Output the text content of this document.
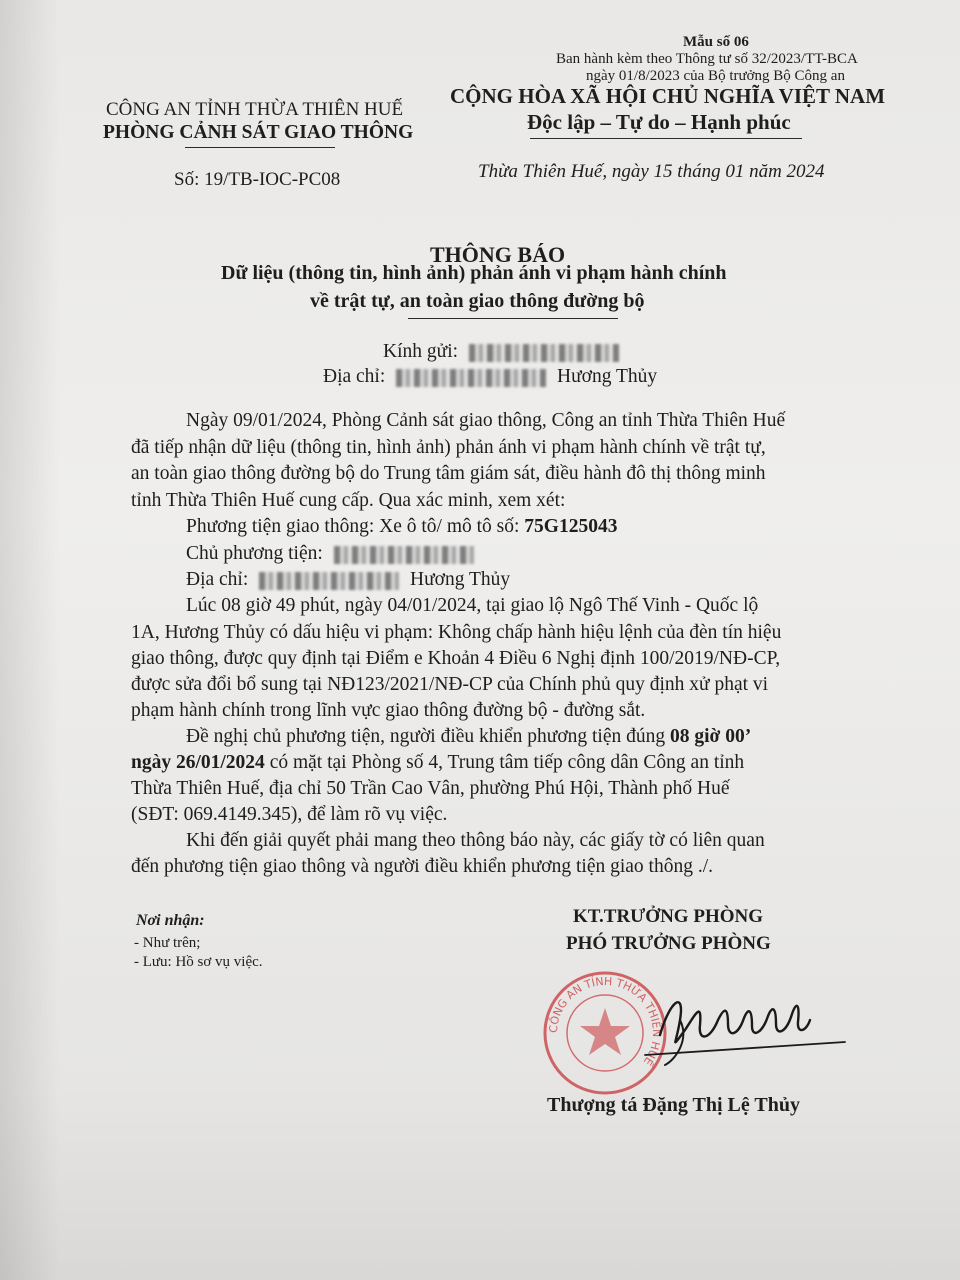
Mẫu số 06
Ban hành kèm theo Thông tư số 32/2023/TT-BCA
ngày 01/8/2023 của Bộ trưởng Bộ Công an
CÔNG AN TỈNH THỪA THIÊN HUẾ
PHÒNG CẢNH SÁT GIAO THÔNG
Số: 19/TB-IOC-PC08
CỘNG HÒA XÃ HỘI CHỦ NGHĨA VIỆT NAM
Độc lập – Tự do – Hạnh phúc
Thừa Thiên Huế, ngày 15 tháng 01 năm 2024
THÔNG BÁO
Dữ liệu (thông tin, hình ảnh) phản ánh vi phạm hành chính
về trật tự, an toàn giao thông đường bộ
Kính gửi:
Địa chỉ:	Hương Thủy
Ngày 09/01/2024, Phòng Cảnh sát giao thông, Công an tỉnh Thừa Thiên Huế
đã tiếp nhận dữ liệu (thông tin, hình ảnh) phản ánh vi phạm hành chính về trật tự,
an toàn giao thông đường bộ do Trung tâm giám sát, điều hành đô thị thông minh
tỉnh Thừa Thiên Huế cung cấp. Qua xác minh, xem xét:
Phương tiện giao thông: Xe ô tô/ mô tô số: 75G125043
Chủ phương tiện:
Địa chỉ:	Hương Thủy
Lúc 08 giờ 49 phút, ngày 04/01/2024, tại giao lộ Ngô Thế Vinh - Quốc lộ
1A, Hương Thủy có dấu hiệu vi phạm: Không chấp hành hiệu lệnh của đèn tín hiệu
giao thông, được quy định tại Điểm e Khoản 4 Điều 6 Nghị định 100/2019/NĐ-CP,
được sửa đổi bổ sung tại NĐ123/2021/NĐ-CP của Chính phủ quy định xử phạt vi
phạm hành chính trong lĩnh vực giao thông đường bộ - đường sắt.
Đề nghị chủ phương tiện, người điều khiển phương tiện đúng 08 giờ 00’
ngày 26/01/2024 có mặt tại Phòng số 4, Trung tâm tiếp công dân Công an tỉnh
Thừa Thiên Huế, địa chỉ 50 Trần Cao Vân, phường Phú Hội, Thành phố Huế
(SĐT: 069.4149.345), để làm rõ vụ việc.
Khi đến giải quyết phải mang theo thông báo này, các giấy tờ có liên quan
đến phương tiện giao thông và người điều khiển phương tiện giao thông ./.
Nơi nhận:
- Như trên;
- Lưu: Hồ sơ vụ việc.
KT.TRƯỞNG PHÒNG
PHÓ TRƯỞNG PHÒNG
CÔNG AN TỈNH THỪA THIÊN HUẾ
Thượng tá Đặng Thị Lệ Thủy
